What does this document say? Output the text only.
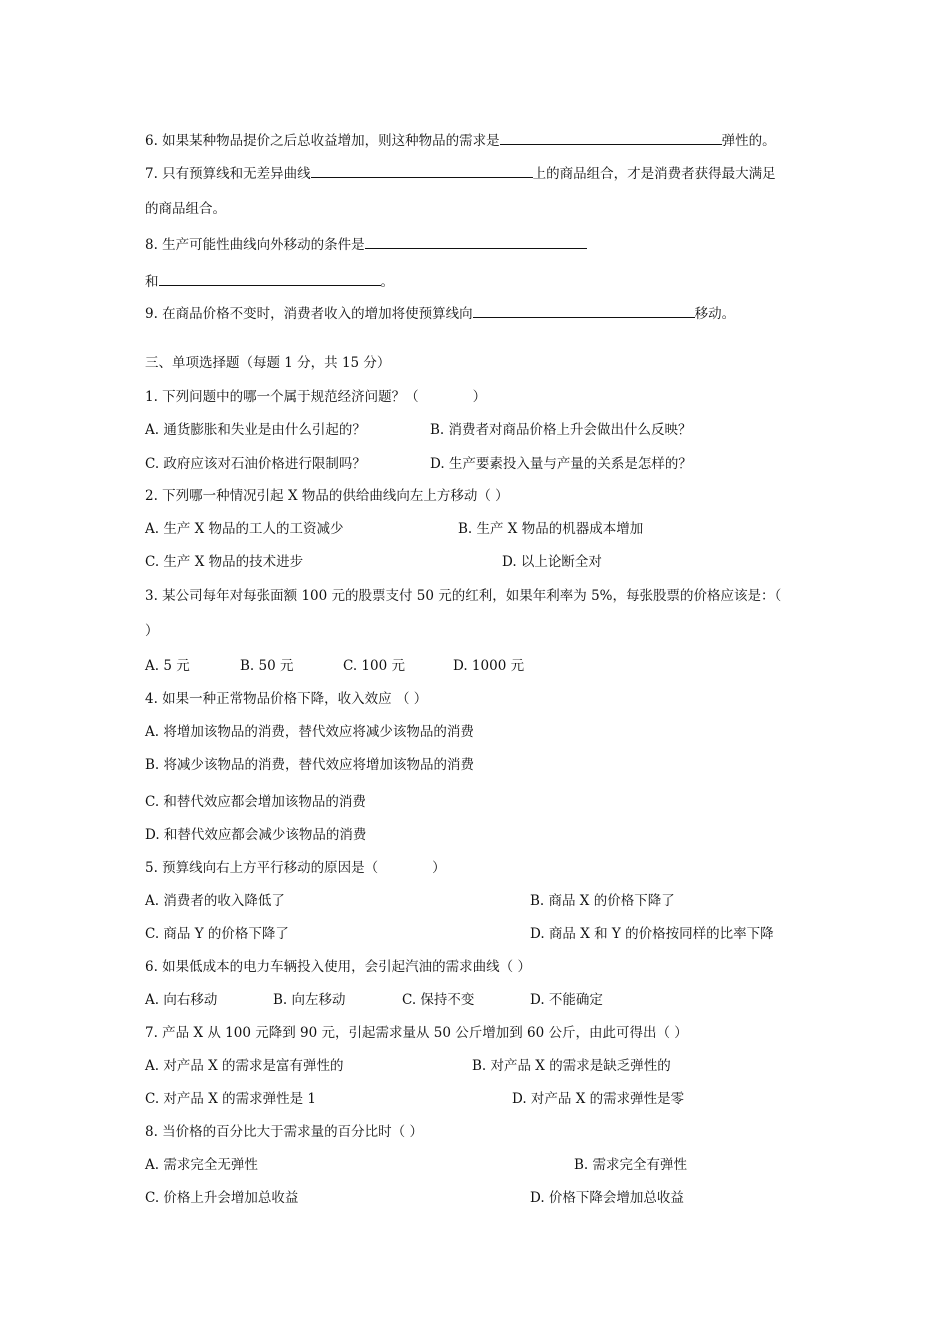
6. 如果某种物品提价之后总收益增加，则这种物品的需求是	弹性的。
7. 只有预算线和无差异曲线	上的商品组合，才是消费者获得最大满足
的商品组合。
8. 生产可能性曲线向外移动的条件是
和	。
9. 在商品价格不变时，消费者收入的增加将使预算线向	移动。
三、单项选择题（每题 1 分，共 15 分）
1. 下列问题中的哪一个属于规范经济问题？（　　　　）
A. 通货膨胀和失业是由什么引起的？	B. 消费者对商品价格上升会做出什么反映？
C. 政府应该对石油价格进行限制吗？	D. 生产要素投入量与产量的关系是怎样的？
2. 下列哪一种情况引起 X 物品的供给曲线向左上方移动（ ）
A. 生产 X 物品的工人的工资减少	B. 生产 X 物品的机器成本增加
C. 生产 X 物品的技术进步	D. 以上论断全对
3. 某公司每年对每张面额 100 元的股票支付 50 元的红利，如果年利率为 5%，每张股票的价格应该是：（
）
A. 5 元	B. 50 元	C. 100 元	D. 1000 元
4. 如果一种正常物品价格下降，收入效应 （ ）
A. 将增加该物品的消费，替代效应将减少该物品的消费
B. 将减少该物品的消费，替代效应将增加该物品的消费
C. 和替代效应都会增加该物品的消费
D. 和替代效应都会减少该物品的消费
5. 预算线向右上方平行移动的原因是（　　　　）
A. 消费者的收入降低了	B. 商品 X 的价格下降了
C. 商品 Y 的价格下降了	D. 商品 X 和 Y 的价格按同样的比率下降
6. 如果低成本的电力车辆投入使用，会引起汽油的需求曲线（ ）
A. 向右移动	B. 向左移动	C. 保持不变	D. 不能确定
7. 产品 X 从 100 元降到 90 元，引起需求量从 50 公斤增加到 60 公斤，由此可得出（ ）
A. 对产品 X 的需求是富有弹性的	B. 对产品 X 的需求是缺乏弹性的
C. 对产品 X 的需求弹性是 1	D. 对产品 X 的需求弹性是零
8. 当价格的百分比大于需求量的百分比时（ ）
A. 需求完全无弹性	B. 需求完全有弹性
C. 价格上升会增加总收益	D. 价格下降会增加总收益
